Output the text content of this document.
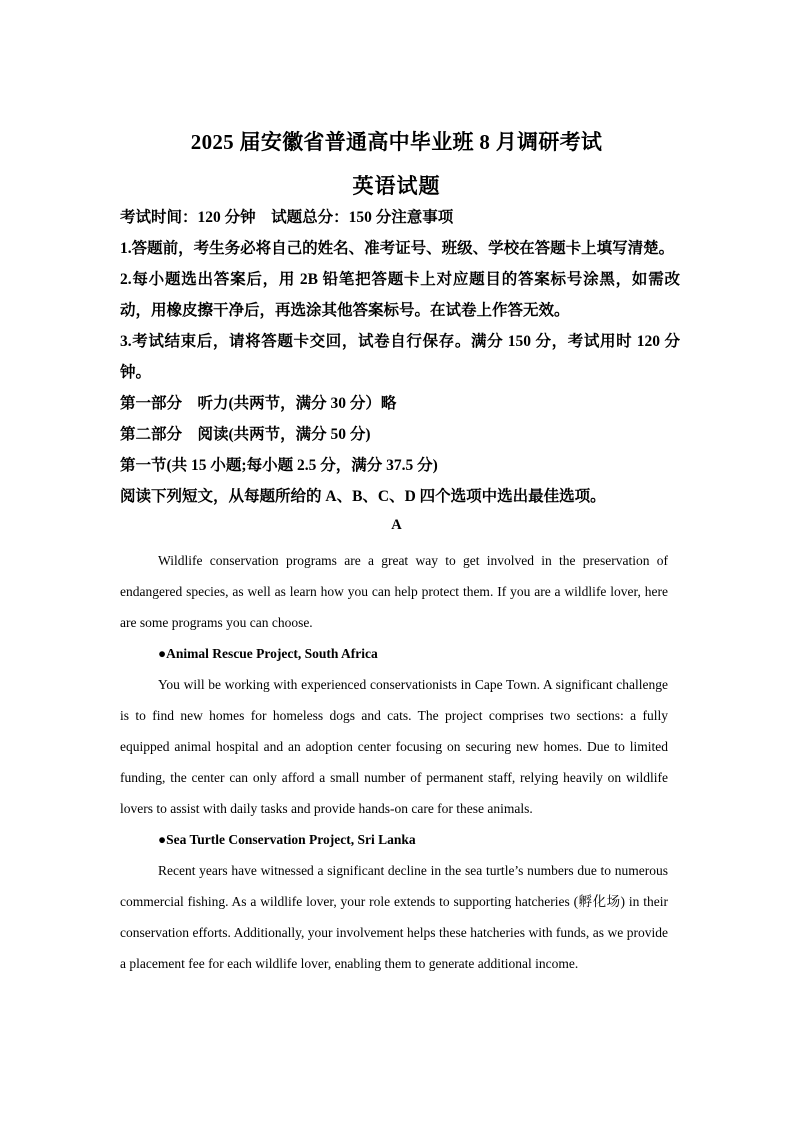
2025 届安徽省普通高中毕业班 8 月调研考试
英语试题

考试时间：120 分钟　试题总分：150 分注意事项

1.答题前，考生务必将自己的姓名、准考证号、班级、学校在答题卡上填写清楚。

2.每小题选出答案后，用 2B 铅笔把答题卡上对应题目的答案标号涂黑，如需改

动，用橡皮擦干净后，再选涂其他答案标号。在试卷上作答无效。

3.考试结束后，请将答题卡交回，试卷自行保存。满分 150 分，考试用时 120 分

钟。

第一部分　听力(共两节，满分 30 分）略

第二部分　阅读(共两节，满分 50 分)

第一节(共 15 小题;每小题 2.5 分，满分 37.5 分)

阅读下列短文，从每题所给的 A、B、C、D 四个选项中选出最佳选项。

A

Wildlife conservation programs are a great way to get involved in the preservation of endangered species, as well as learn how you can help protect them. If you are a wildlife lover, here are some programs you can choose.

●Animal Rescue Project, South Africa

You will be working with experienced conservationists in Cape Town. A significant challenge is to find new homes for homeless dogs and cats. The project comprises two sections: a fully equipped animal hospital and an adoption center focusing on securing new homes. Due to limited funding, the center can only afford a small number of permanent staff, relying heavily on wildlife lovers to assist with daily tasks and provide hands-on care for these animals.

●Sea Turtle Conservation Project, Sri Lanka

Recent years have witnessed a significant decline in the sea turtle’s numbers due to numerous commercial fishing. As a wildlife lover, your role extends to supporting hatcheries (孵化场) in their conservation efforts. Additionally, your involvement helps these hatcheries with funds, as we provide a placement fee for each wildlife lover, enabling them to generate additional income.
